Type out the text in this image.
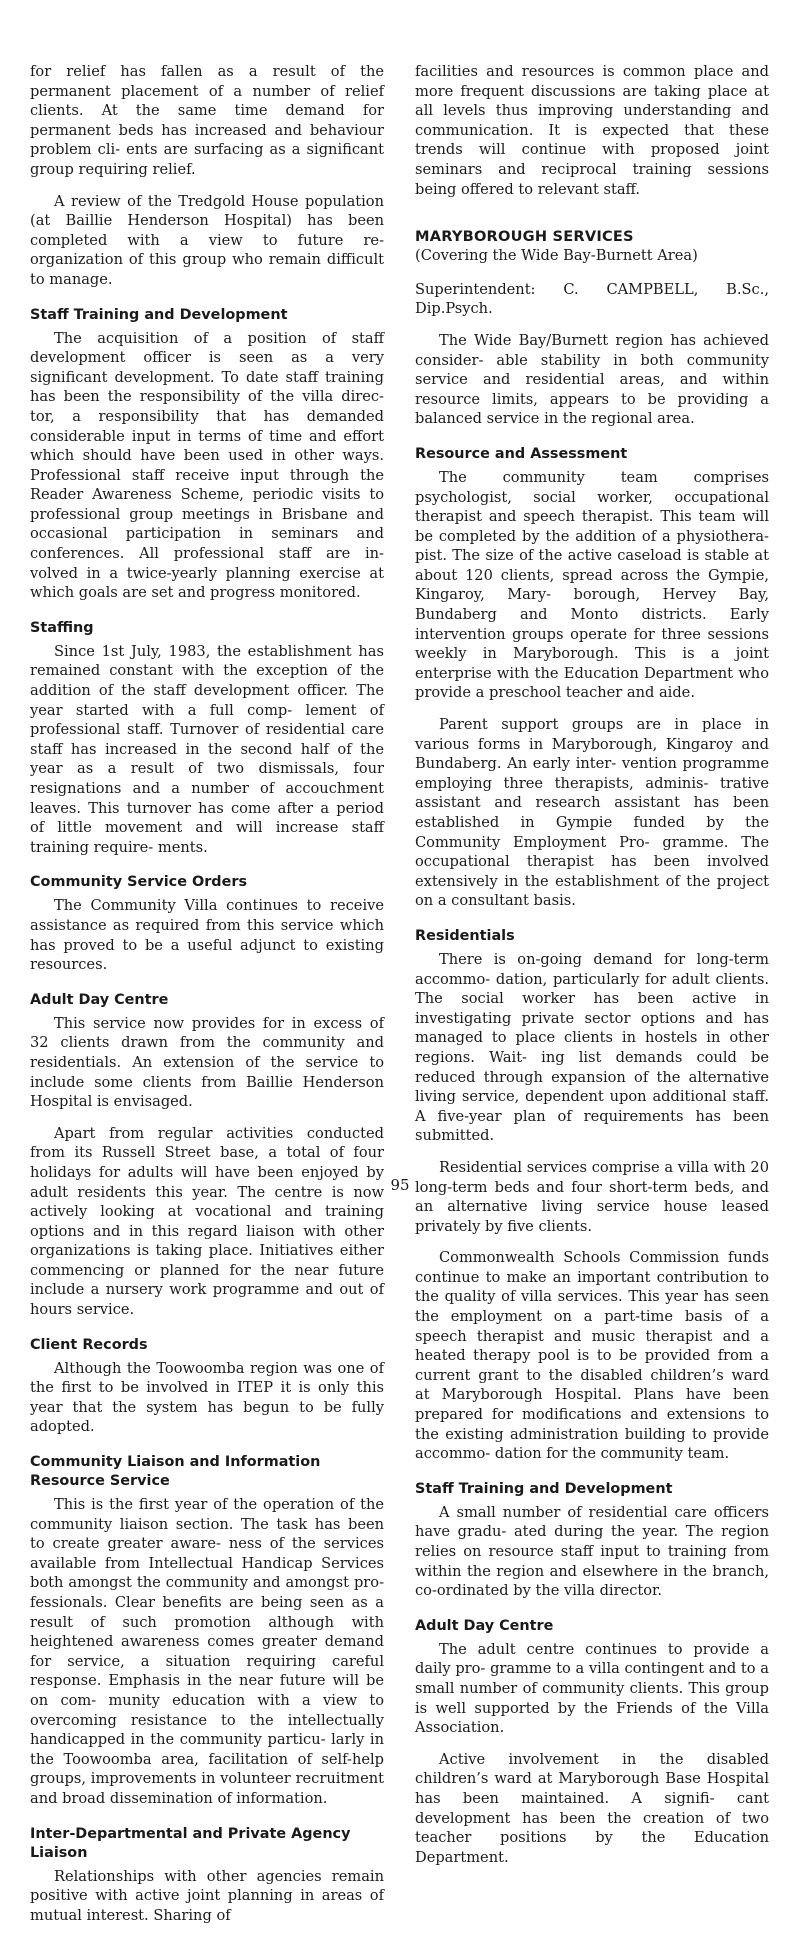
for relief has fallen as a result of the permanent placement of a number of relief clients. At the same time demand for permanent beds has increased and behaviour problem cli- ents are surfacing as a significant group requiring relief.

A review of the Tredgold House population (at Baillie Henderson Hospital) has been completed with a view to future re-organization of this group who remain difficult to manage.

Staff Training and Development

The acquisition of a position of staff development officer is seen as a very significant development. To date staff training has been the responsibility of the villa direc- tor, a responsibility that has demanded considerable input in terms of time and effort which should have been used in other ways. Professional staff receive input through the Reader Awareness Scheme, periodic visits to professional group meetings in Brisbane and occasional participation in seminars and conferences. All professional staff are in- volved in a twice-yearly planning exercise at which goals are set and progress monitored.

Staffing

Since 1st July, 1983, the establishment has remained constant with the exception of the addition of the staff development officer. The year started with a full comp- lement of professional staff. Turnover of residential care staff has increased in the second half of the year as a result of two dismissals, four resignations and a number of accouchment leaves. This turnover has come after a period of little movement and will increase staff training require- ments.

Community Service Orders

The Community Villa continues to receive assistance as required from this service which has proved to be a useful adjunct to existing resources.

Adult Day Centre

This service now provides for in excess of 32 clients drawn from the community and residentials. An extension of the service to include some clients from Baillie Henderson Hospital is envisaged.

Apart from regular activities conducted from its Russell Street base, a total of four holidays for adults will have been enjoyed by adult residents this year. The centre is now actively looking at vocational and training options and in this regard liaison with other organizations is taking place. Initiatives either commencing or planned for the near future include a nursery work programme and out of hours service.

Client Records

Although the Toowoomba region was one of the first to be involved in ITEP it is only this year that the system has begun to be fully adopted.

Community Liaison and Information Resource Service

This is the first year of the operation of the community liaison section. The task has been to create greater aware- ness of the services available from Intellectual Handicap Services both amongst the community and amongst pro- fessionals. Clear benefits are being seen as a result of such promotion although with heightened awareness comes greater demand for service, a situation requiring careful response. Emphasis in the near future will be on com- munity education with a view to overcoming resistance to the intellectually handicapped in the community particu- larly in the Toowoomba area, facilitation of self-help groups, improvements in volunteer recruitment and broad dissemination of information.

Inter-Departmental and Private Agency Liaison

Relationships with other agencies remain positive with active joint planning in areas of mutual interest. Sharing of

facilities and resources is common place and more frequent discussions are taking place at all levels thus improving understanding and communication. It is expected that these trends will continue with proposed joint seminars and reciprocal training sessions being offered to relevant staff.

MARYBOROUGH SERVICES

(Covering the Wide Bay-Burnett Area)

Superintendent: C. CAMPBELL, B.Sc., Dip.Psych.

The Wide Bay/Burnett region has achieved consider- able stability in both community service and residential areas, and within resource limits, appears to be providing a balanced service in the regional area.

Resource and Assessment

The community team comprises psychologist, social worker, occupational therapist and speech therapist. This team will be completed by the addition of a physiothera- pist. The size of the active caseload is stable at about 120 clients, spread across the Gympie, Kingaroy, Mary- borough, Hervey Bay, Bundaberg and Monto districts. Early intervention groups operate for three sessions weekly in Maryborough. This is a joint enterprise with the Education Department who provide a preschool teacher and aide.

Parent support groups are in place in various forms in Maryborough, Kingaroy and Bundaberg. An early inter- vention programme employing three therapists, adminis- trative assistant and research assistant has been established in Gympie funded by the Community Employment Pro- gramme. The occupational therapist has been involved extensively in the establishment of the project on a consultant basis.

Residentials

There is on-going demand for long-term accommo- dation, particularly for adult clients. The social worker has been active in investigating private sector options and has managed to place clients in hostels in other regions. Wait- ing list demands could be reduced through expansion of the alternative living service, dependent upon additional staff. A five-year plan of requirements has been submitted.

Residential services comprise a villa with 20 long-term beds and four short-term beds, and an alternative living service house leased privately by five clients.

Commonwealth Schools Commission funds continue to make an important contribution to the quality of villa services. This year has seen the employment on a part-time basis of a speech therapist and music therapist and a heated therapy pool is to be provided from a current grant to the disabled children’s ward at Maryborough Hospital. Plans have been prepared for modifications and extensions to the existing administration building to provide accommo- dation for the community team.

Staff Training and Development

A small number of residential care officers have gradu- ated during the year. The region relies on resource staff input to training from within the region and elsewhere in the branch, co-ordinated by the villa director.

Adult Day Centre

The adult centre continues to provide a daily pro- gramme to a villa contingent and to a small number of community clients. This group is well supported by the Friends of the Villa Association.

Active involvement in the disabled children’s ward at Maryborough Base Hospital has been maintained. A signifi- cant development has been the creation of two teacher positions by the Education Department.

95
